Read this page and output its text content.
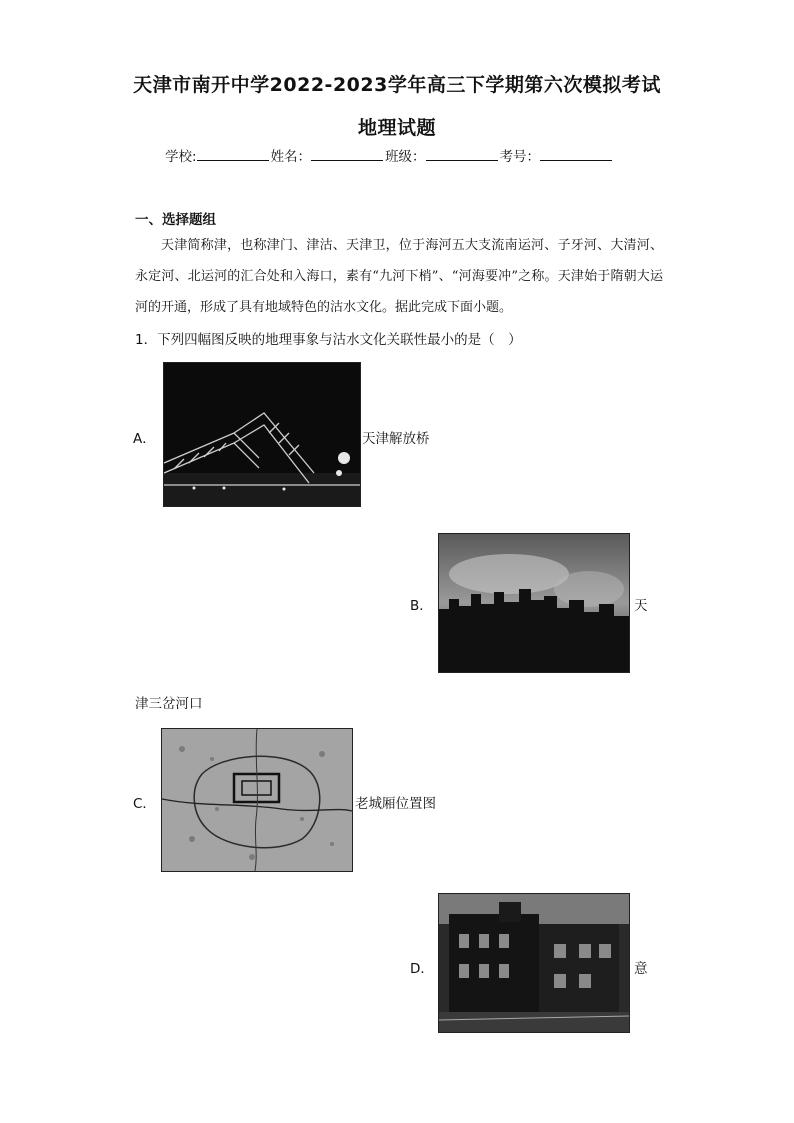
天津市南开中学2022-2023学年高三下学期第六次模拟考试
地理试题
学校:	姓名：	班级：	考号：
一、选择题组

天津简称津，也称津门、津沽、天津卫，位于海河五大支流南运河、子牙河、大清河、永定河、北运河的汇合处和入海口，素有“九河下梢”、“河海要冲”之称。天津始于隋朝大运河的开通，形成了具有地域特色的沽水文化。据此完成下面小题。

1．下列四幅图反映的地理事象与沽水文化关联性最小的是（　）
A．	天津解放桥
B．	天
津三岔河口
C．	老城厢位置图
D．	意
